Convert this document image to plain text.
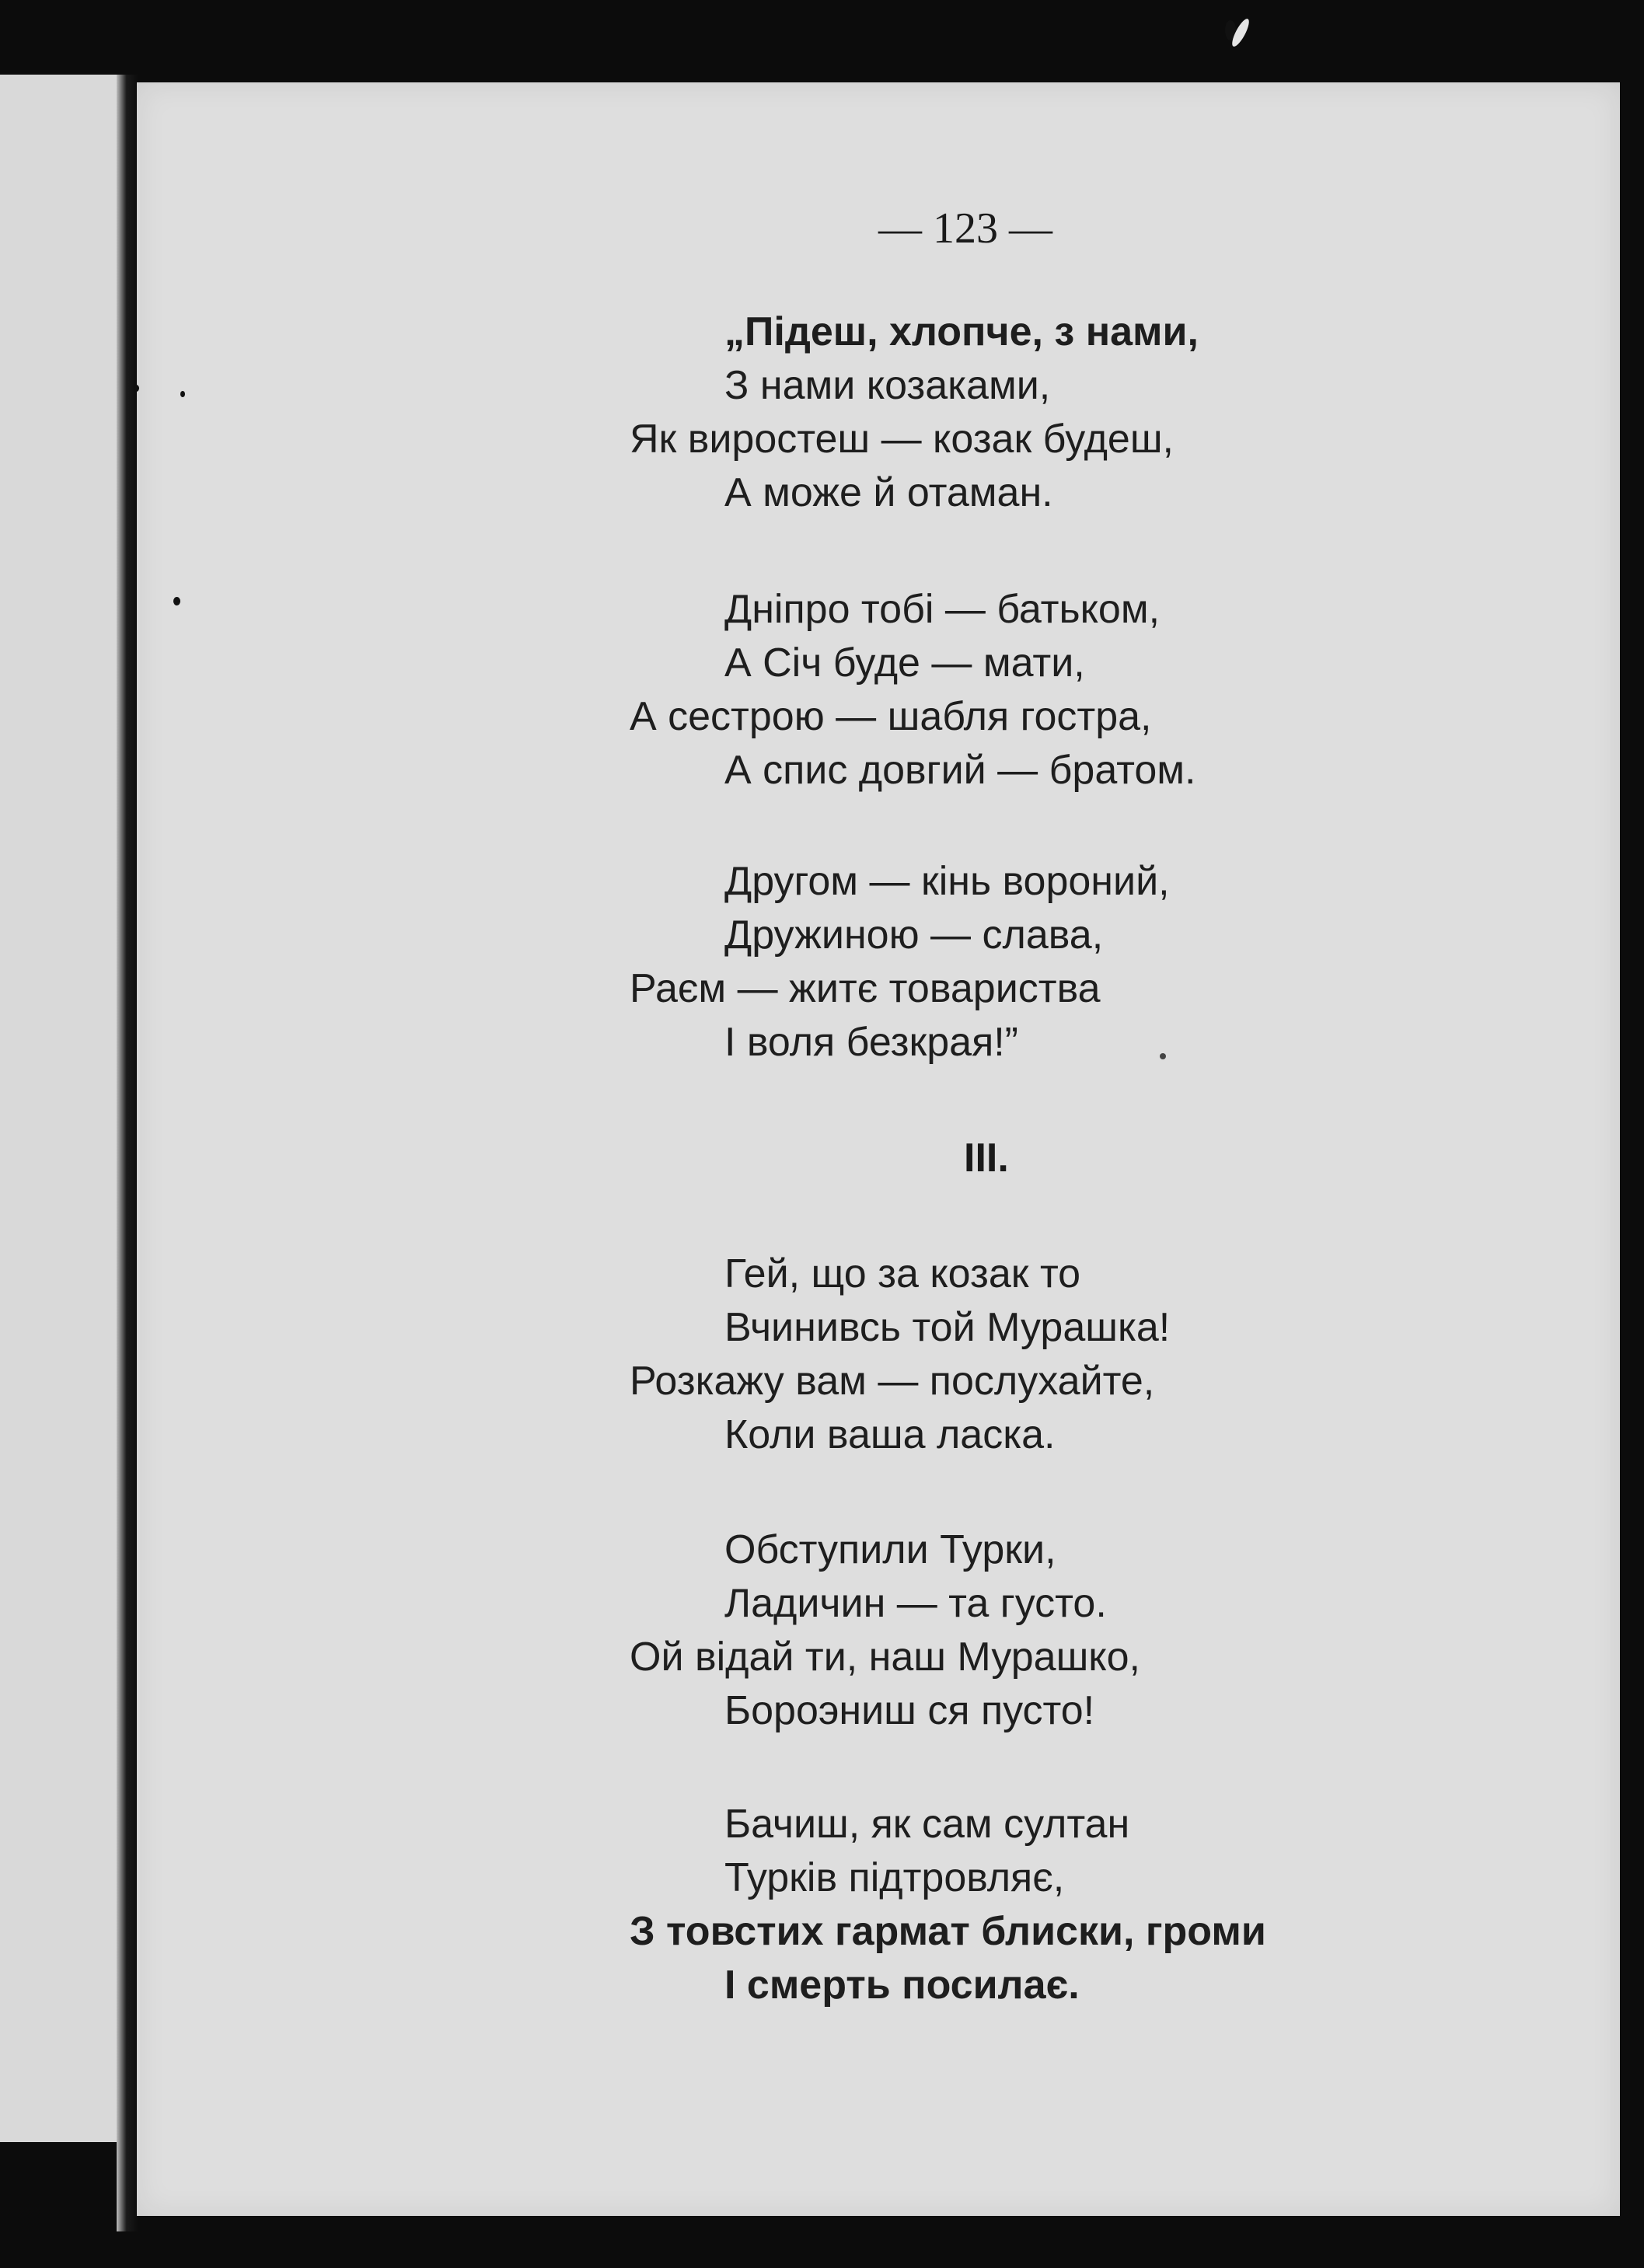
— 123 —
„Підеш, хлопче, з нами,
З нами козаками,
Як виростеш — козак будеш,
А може й отаман.
Дніпро тобі — батьком,
А Січ буде — мати,
А сестрою — шабля гостра,
А спис довгий — братом.
Другом — кінь вороний,
Дружиною — слава,
Раєм — житє товариства
І воля безкрая!”
III.
Гей, що за козак то
Вчинивсь той Мурашка!
Розкажу вам — послухайте,
Коли ваша ласка.
Обступили Турки,
Ладичин — та густо.
Ой відай ти, наш Мурашко,
Бороэниш ся пусто!
Бачиш, як сам султан
Турків підтровляє,
З товстих гармат блиски, громи
І смерть посилає.
